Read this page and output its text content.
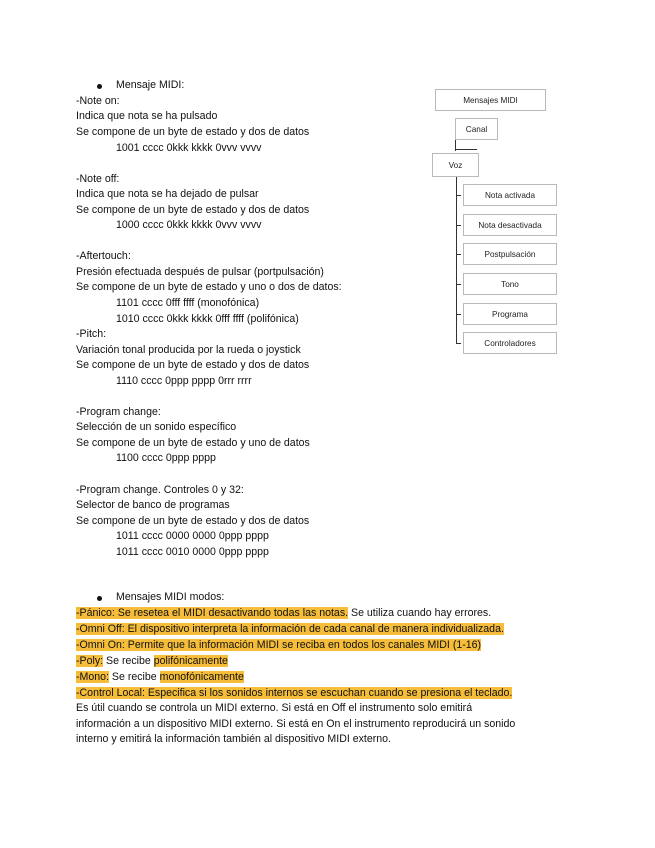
Mensaje MIDI:
-Note on:
Indica que nota se ha pulsado
Se compone de un byte de estado y dos de datos
1001 cccc 0kkk kkkk 0vvv vvvv
-Note off:
Indica que nota se ha dejado de pulsar
Se compone de un byte de estado y dos de datos
1000 cccc 0kkk kkkk 0vvv vvvv
-Aftertouch:
Presión efectuada después de pulsar (portpulsación)
Se compone de un byte de estado y uno o dos de datos:
1101 cccc 0fff ffff (monofónica)
1010 cccc 0kkk kkkk 0fff ffff (polifónica)
-Pitch:
Variación tonal producida por la rueda o joystick
Se compone de un byte de estado y dos de datos
1110 cccc 0ppp pppp 0rrr rrrr
-Program change:
Selección de un sonido específico
Se compone de un byte de estado y uno de datos
1100 cccc 0ppp pppp
-Program change. Controles 0 y 32:
Selector de banco de programas
Se compone de un byte de estado y dos de datos
1011 cccc 0000 0000 0ppp pppp
1011 cccc 0010 0000 0ppp pppp
Mensajes MIDI
Canal
Voz
Nota activada
Nota desactivada
Postpulsación
Tono
Programa
Controladores
Mensajes MIDI modos:
-Pánico: Se resetea el MIDI desactivando todas las notas. Se utiliza cuando hay errores.
-Omni Off: El dispositivo interpreta la información de cada canal de manera individualizada.
-Omni On: Permite que la información MIDI se reciba en todos los canales MIDI (1-16)
-Poly: Se recibe polifónicamente
-Mono: Se recibe monofónicamente
-Control Local: Especifica si los sonidos internos se escuchan cuando se presiona el teclado.
Es útil cuando se controla un MIDI externo. Si está en Off el instrumento solo emitirá
información a un dispositivo MIDI externo. Si está en On el instrumento reproducirá un sonido
interno y emitirá la información también al dispositivo MIDI externo.
